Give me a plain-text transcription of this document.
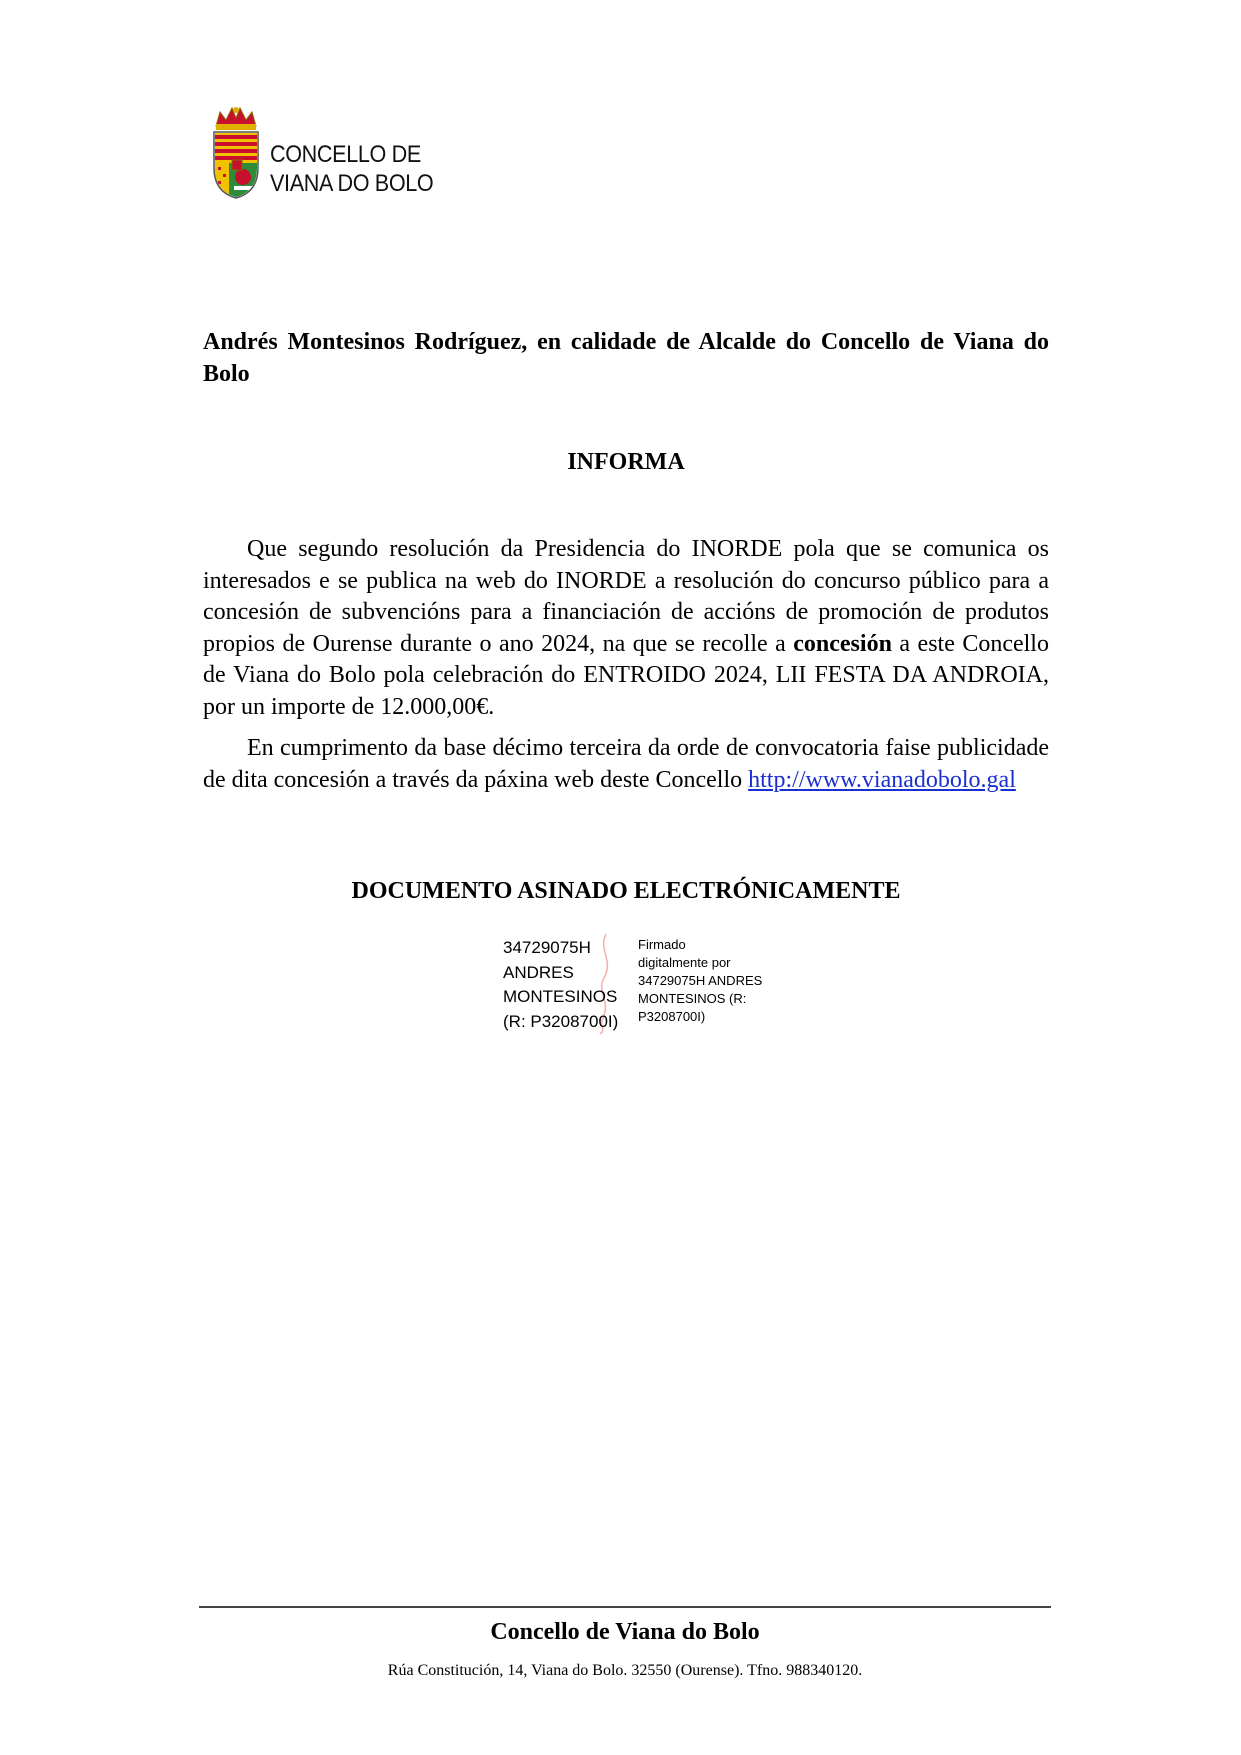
CONCELLO DE
VIANA DO BOLO
Andrés Montesinos Rodríguez, en calidade de Alcalde do Concello de Viana do Bolo
INFORMA

Que segundo resolución da Presidencia do INORDE pola que se comunica os interesados e se publica na web do INORDE a resolución do concurso público para a concesión de subvencións para a financiación de accións de promoción de produtos propios de Ourense durante o ano 2024, na que se recolle a concesión a este Concello de Viana do Bolo pola celebración do ENTROIDO 2024, LII FESTA DA ANDROIA, por un importe de 12.000,00€.

En cumprimento da base décimo terceira da orde de convocatoria faise publicidade de dita concesión a través da páxina web deste Concello http://www.vianadobolo.gal

DOCUMENTO ASINADO ELECTRÓNICAMENTE
34729075H
ANDRES
MONTESINOS
(R: P3208700I)
Firmado
digitalmente por
34729075H ANDRES
MONTESINOS (R:
P3208700I)
Concello de Viana do Bolo
Rúa Constitución, 14, Viana do Bolo. 32550 (Ourense). Tfno. 988340120.
